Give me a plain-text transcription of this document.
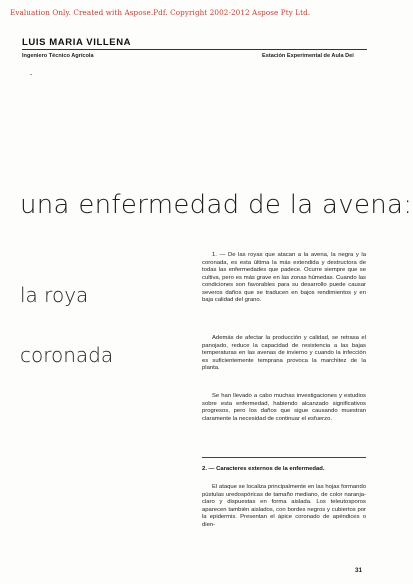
Evaluation Only. Created with Aspose.Pdf. Copyright 2002-2012 Aspose Pty Ltd.
LUIS MARIA VILLENA
Ingeniero Técnico Agrícola	Estación Experimental de Aula Dei
una enfermedad de la avena:
la roya
coronada

1. — De las royas que atacan a la avena, la negra y la coronada, es esta última la más extendida y destructora de todas las enfermedades que padece. Ocurre siempre que se cultiva, pero es más grave en las zonas húmedas. Cuando las condiciones son favorables para su desarrollo puede causar severos daños que se traducen en bajos rendimientos y en baja calidad del grano.

Además de afectar la producción y calidad, se retrasa el panojado, reduce la capacidad de resistencia a las bajas temperaturas en las avenas de invierno y cuando la infección es suficientemente temprana provoca la marchitez de la planta.

Se han llevado a cabo muchas investigaciones y estudios sobre esta enfermedad, habiendo alcanzado significativos progresos, pero los daños que sigue causando muestran claramente la necesidad de continuar el esfuerzo.

2. — Caracteres externos de la enfermedad.

El ataque se localiza principalmente en las hojas formando pústulas uredospóricas de tamaño mediano, de color naranja-claro y dispuestas en forma aislada. Los teleutosporos aparecen también aislados, con bordes negros y cubiertos por la epidermis. Presentan el ápice coronado de apéndices o dien-

31
